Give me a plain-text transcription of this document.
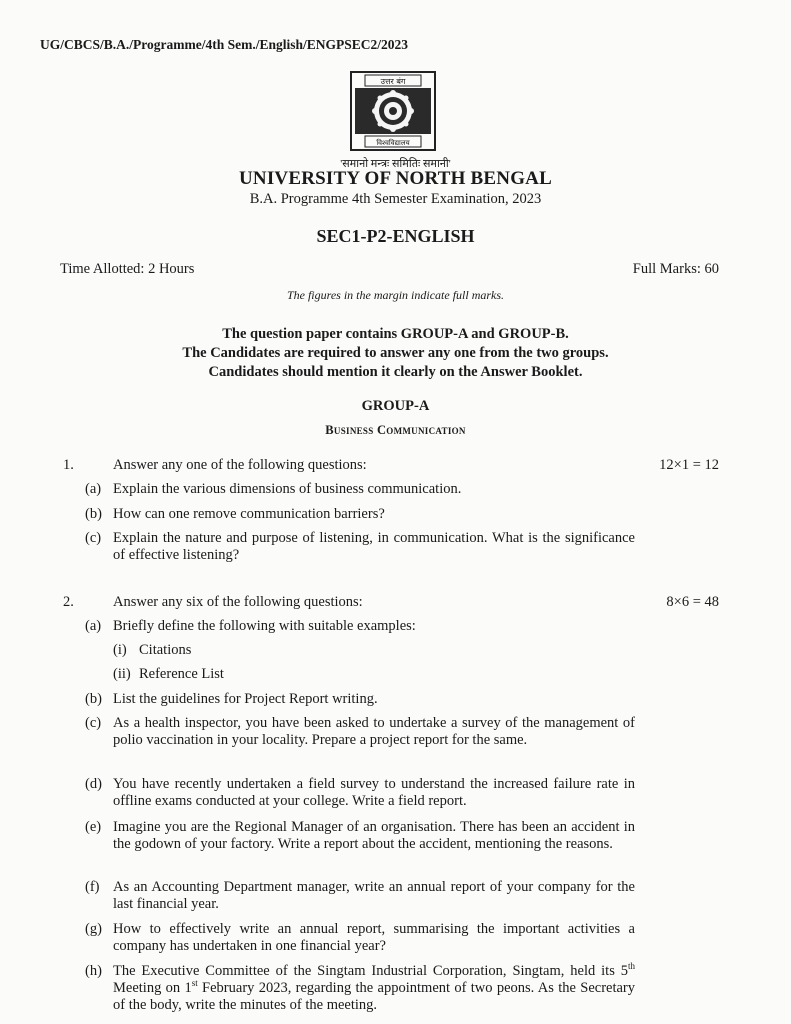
UG/CBCS/B.A./Programme/4th Sem./English/ENGPSEC2/2023
उत्तर बंग
विश्वविद्यालय
'समानो मन्त्रः समितिः समानी'
UNIVERSITY OF NORTH BENGAL
B.A. Programme 4th Semester Examination, 2023
SEC1-P2-ENGLISH
Time Allotted: 2 Hours	Full Marks: 60
The figures in the margin indicate full marks.
The question paper contains GROUP-A and GROUP-B.
The Candidates are required to answer any one from the two groups.
Candidates should mention it clearly on the Answer Booklet.
GROUP-A
Business Communication
1.	Answer any one of the following questions:	12×1 = 12
(a) Explain the various dimensions of business communication.
(b) How can one remove communication barriers?
(c) Explain the nature and purpose of listening, in communication. What is the significance of effective listening?
2.	Answer any six of the following questions:	8×6 = 48
(a) Briefly define the following with suitable examples:
(i) Citations
(ii) Reference List
(b) List the guidelines for Project Report writing.
(c) As a health inspector, you have been asked to undertake a survey of the management of polio vaccination in your locality. Prepare a project report for the same.
(d) You have recently undertaken a field survey to understand the increased failure rate in offline exams conducted at your college. Write a field report.
(e) Imagine you are the Regional Manager of an organisation. There has been an accident in the godown of your factory. Write a report about the accident, mentioning the reasons.
(f) As an Accounting Department manager, write an annual report of your company for the last financial year.
(g) How to effectively write an annual report, summarising the important activities a company has undertaken in one financial year?
(h) The Executive Committee of the Singtam Industrial Corporation, Singtam, held its 5th Meeting on 1st February 2023, regarding the appointment of two peons. As the Secretary of the body, write the minutes of the meeting.
